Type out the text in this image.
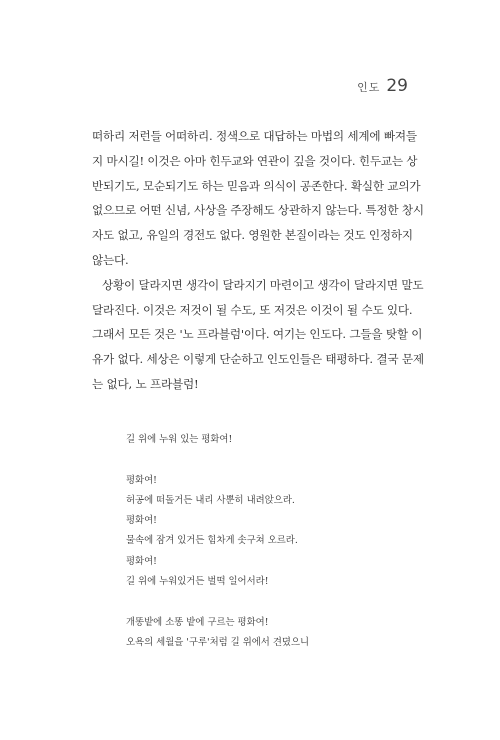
인도 29

떠하리 저런들 어떠하리. 정색으로 대답하는 마법의 세계에 빠져들
지 마시길! 이것은 아마 힌두교와 연관이 깊을 것이다. 힌두교는 상
반되기도, 모순되기도 하는 믿음과 의식이 공존한다. 확실한 교의가
없으므로 어떤 신념, 사상을 주장해도 상관하지 않는다. 특정한 창시
자도 없고, 유일의 경전도 없다. 영원한 본질이라는 것도 인정하지
않는다.

상황이 달라지면 생각이 달라지기 마련이고 생각이 달라지면 말도
달라진다. 이것은 저것이 될 수도, 또 저것은 이것이 될 수도 있다.
그래서 모든 것은 '노 프라블럼'이다. 여기는 인도다. 그들을 탓할 이
유가 없다. 세상은 이렇게 단순하고 인도인들은 태평하다. 결국 문제
는 없다, 노 프라블럼!

길 위에 누워 있는 평화여!
평화여!
허공에 떠돌거든 내리 사뿐히 내려앉으라.
평화여!
물속에 잠겨 있거든 힘차게 솟구쳐 오르라.
평화여!
길 위에 누워있거든 벌떡 일어서라!
개똥밭에 소똥 밭에 구르는 평화여!
오욕의 세월을 '구루'처럼 길 위에서 견뎠으니
